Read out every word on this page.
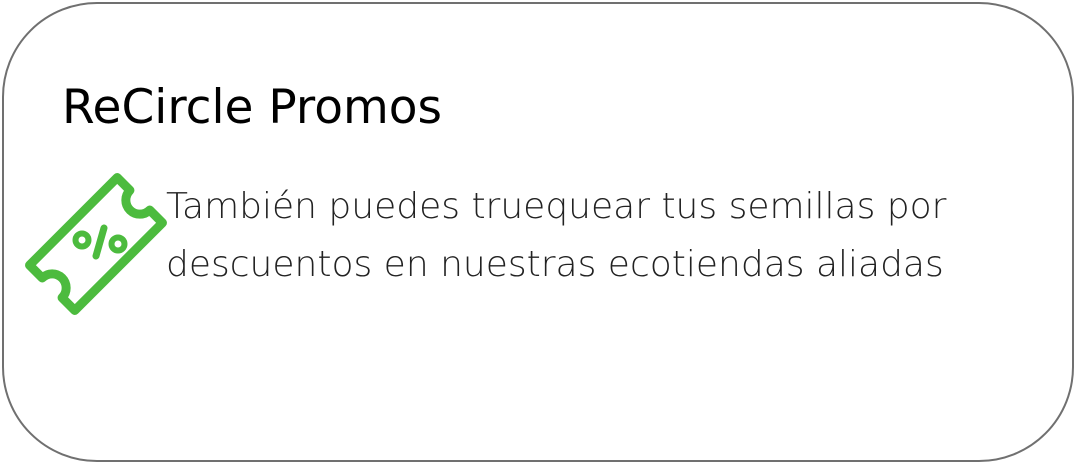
ReCircle Promos

También puedes truequear tus semillas por descuentos en nuestras ecotiendas aliadas
